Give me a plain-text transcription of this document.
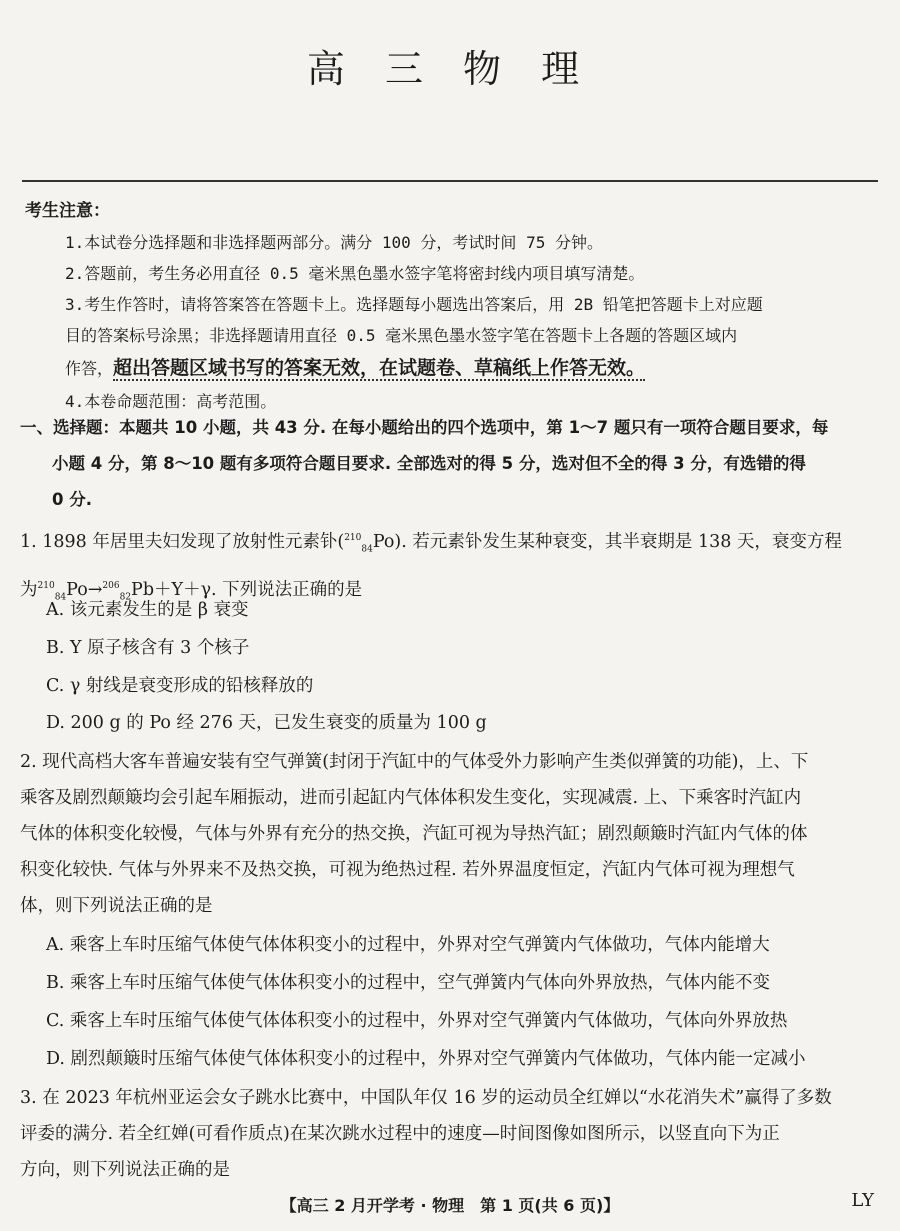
高 三 物 理
考生注意：
1.本试卷分选择题和非选择题两部分。满分 100 分，考试时间 75 分钟。
2.答题前，考生务必用直径 0.5 毫米黑色墨水签字笔将密封线内项目填写清楚。
3.考生作答时，请将答案答在答题卡上。选择题每小题选出答案后，用 2B 铅笔把答题卡上对应题
目的答案标号涂黑；非选择题请用直径 0.5 毫米黑色墨水签字笔在答题卡上各题的答题区域内
作答，超出答题区域书写的答案无效，在试题卷、草稿纸上作答无效。
4.本卷命题范围：高考范围。
一、选择题：本题共 10 小题，共 43 分. 在每小题给出的四个选项中，第 1～7 题只有一项符合题目要求，每
小题 4 分，第 8～10 题有多项符合题目要求. 全部选对的得 5 分，选对但不全的得 3 分，有选错的得
0 分.
1. 1898 年居里夫妇发现了放射性元素钋($^{210}_{84}$Po). 若元素钋发生某种衰变，其半衰期是 138 天，衰变方程
为$^{210}_{84}$Po→$^{206}_{82}$Pb＋Y＋γ. 下列说法正确的是
A. 该元素发生的是 β 衰变
B. Y 原子核含有 3 个核子
C. γ 射线是衰变形成的铅核释放的
D. 200 g 的 Po 经 276 天，已发生衰变的质量为 100 g
2. 现代高档大客车普遍安装有空气弹簧(封闭于汽缸中的气体受外力影响产生类似弹簧的功能)，上、下
乘客及剧烈颠簸均会引起车厢振动，进而引起缸内气体体积发生变化，实现减震. 上、下乘客时汽缸内
气体的体积变化较慢，气体与外界有充分的热交换，汽缸可视为导热汽缸；剧烈颠簸时汽缸内气体的体
积变化较快. 气体与外界来不及热交换，可视为绝热过程. 若外界温度恒定，汽缸内气体可视为理想气
体，则下列说法正确的是
A. 乘客上车时压缩气体使气体体积变小的过程中，外界对空气弹簧内气体做功，气体内能增大
B. 乘客上车时压缩气体使气体体积变小的过程中，空气弹簧内气体向外界放热，气体内能不变
C. 乘客上车时压缩气体使气体体积变小的过程中，外界对空气弹簧内气体做功，气体向外界放热
D. 剧烈颠簸时压缩气体使气体体积变小的过程中，外界对空气弹簧内气体做功，气体内能一定减小
3. 在 2023 年杭州亚运会女子跳水比赛中，中国队年仅 16 岁的运动员全红婵以“水花消失术”赢得了多数
评委的满分. 若全红婵(可看作质点)在某次跳水过程中的速度—时间图像如图所示，以竖直向下为正
方向，则下列说法正确的是
【高三 2 月开学考 · 物理　第 1 页(共 6 页)】	LY
